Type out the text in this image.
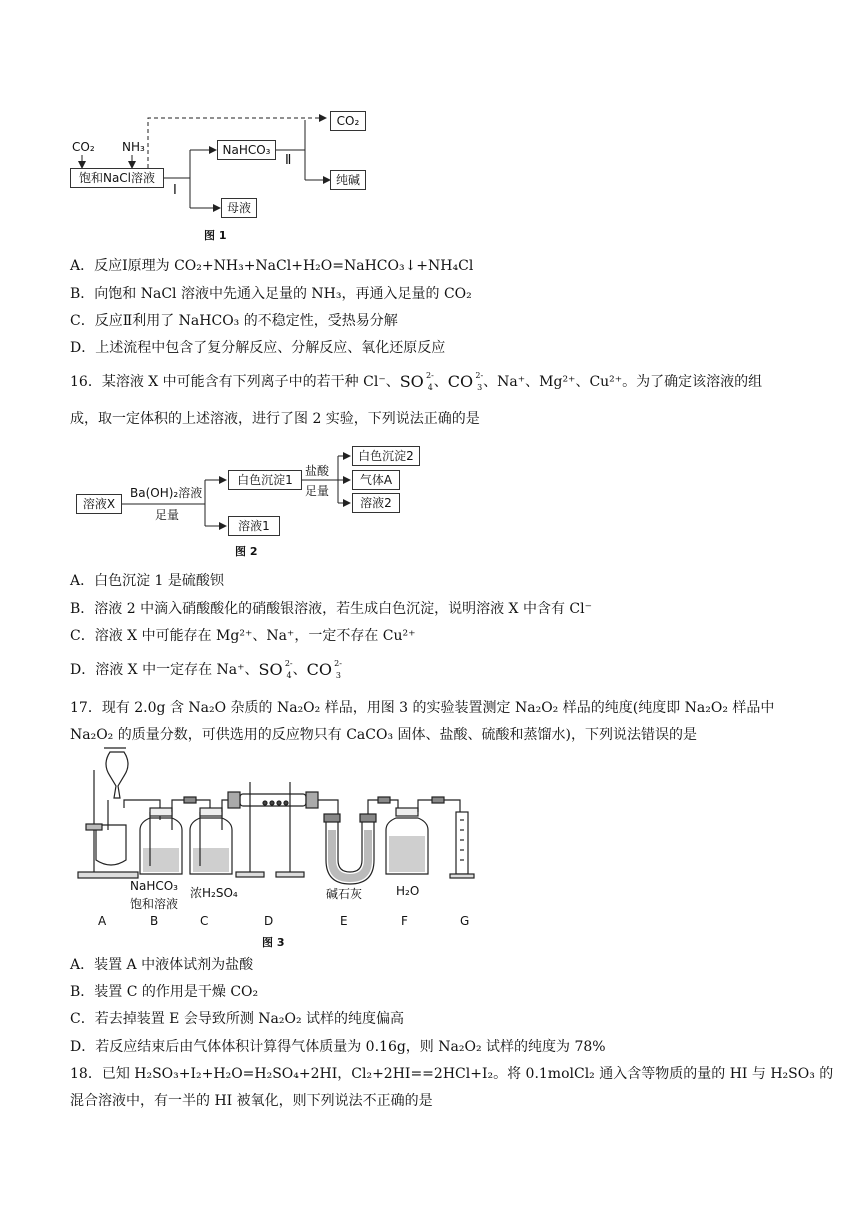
CO₂ NH₃
饱和NaCl溶液
NaHCO₃
CO₂
纯碱
母液
Ⅰ
Ⅱ
图 1
A．反应Ⅰ原理为 CO₂+NH₃+NaCl+H₂O=NaHCO₃↓+NH₄Cl
B．向饱和 NaCl 溶液中先通入足量的 NH₃，再通入足量的 CO₂
C．反应Ⅱ利用了 NaHCO₃ 的不稳定性，受热易分解
D．上述流程中包含了复分解反应、分解反应、氧化还原反应
16．某溶液 X 中可能含有下列离子中的若干种 Cl⁻、SO 2-
4 、CO 2-
3 、Na⁺、Mg²⁺、Cu²⁺。为了确定该溶液的组
成，取一定体积的上述溶液，进行了图 2 实验，下列说法正确的是
溶液X
Ba(OH)₂溶液
足量
白色沉淀1
溶液1
盐酸
足量
白色沉淀2
气体A
溶液2
图 2
A．白色沉淀 1 是硫酸钡
B．溶液 2 中滴入硝酸酸化的硝酸银溶液，若生成白色沉淀，说明溶液 X 中含有 Cl⁻
C．溶液 X 中可能存在 Mg²⁺、Na⁺，一定不存在 Cu²⁺
D．溶液 X 中一定存在 Na⁺、SO 2-
4 、CO 2-
3
17．现有 2.0g 含 Na₂O 杂质的 Na₂O₂ 样品，用图 3 的实验装置测定 Na₂O₂ 样品的纯度(纯度即 Na₂O₂ 样品中
Na₂O₂ 的质量分数，可供选用的反应物只有 CaCO₃ 固体、盐酸、硫酸和蒸馏水)，下列说法错误的是
NaHCO₃
饱和溶液
浓H₂SO₄	碱石灰	H₂O
A	B	C	D	E	F	G
图 3
A．装置 A 中液体试剂为盐酸
B．装置 C 的作用是干燥 CO₂
C．若去掉装置 E 会导致所测 Na₂O₂ 试样的纯度偏高
D．若反应结束后由气体体积计算得气体质量为 0.16g，则 Na₂O₂ 试样的纯度为 78%
18．已知 H₂SO₃+I₂+H₂O=H₂SO₄+2HI，Cl₂+2HI==2HCl+I₂。将 0.1molCl₂ 通入含等物质的量的 HI 与 H₂SO₃ 的
混合溶液中，有一半的 HI 被氧化，则下列说法不正确的是
